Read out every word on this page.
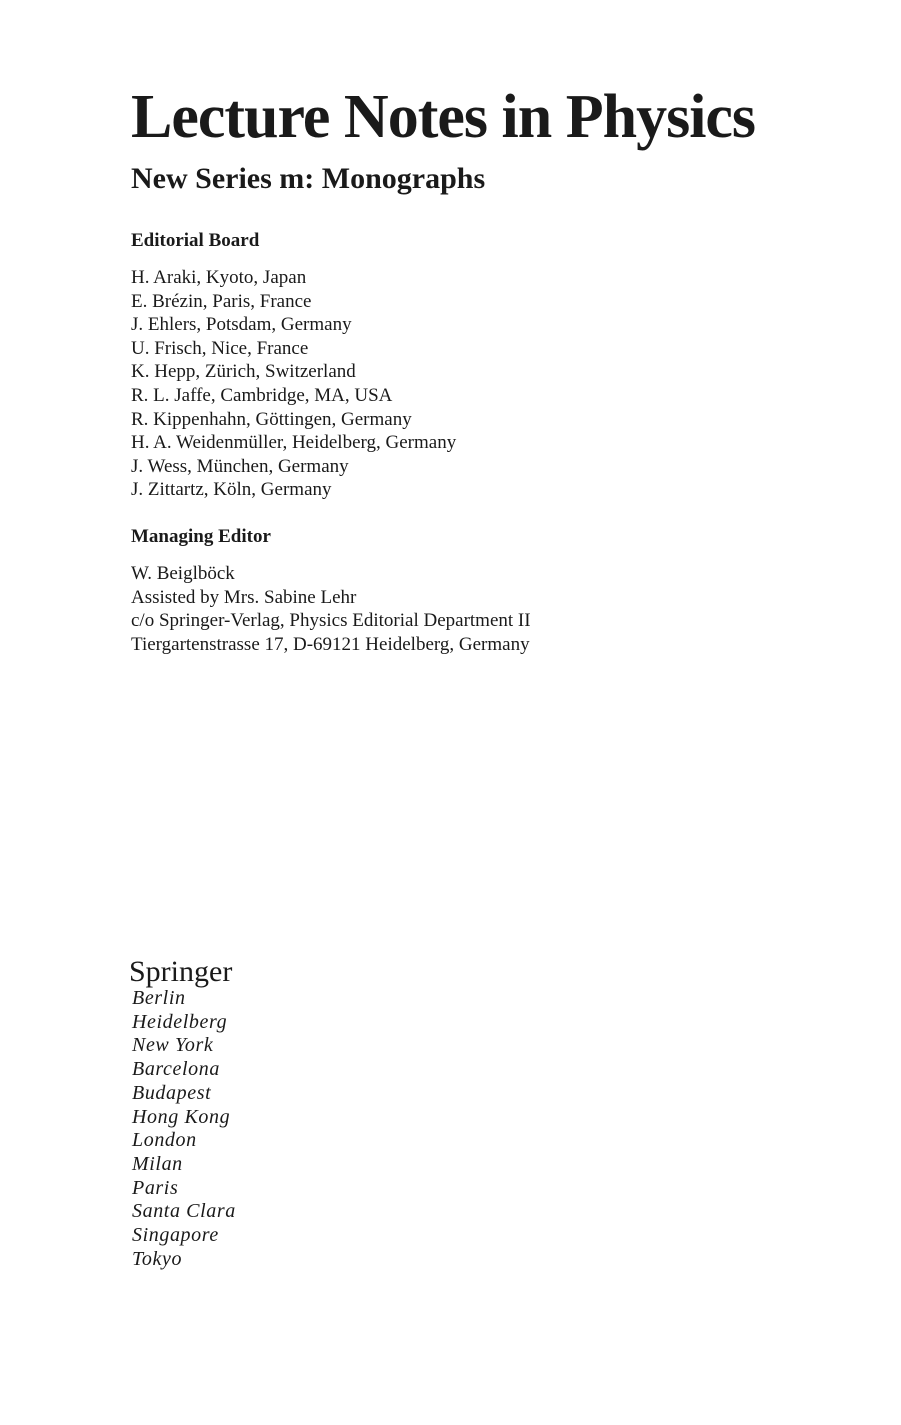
Lecture Notes in Physics
New Series m: Monographs
Editorial Board
H. Araki, Kyoto, Japan
E. Brézin, Paris, France
J. Ehlers, Potsdam, Germany
U. Frisch, Nice, France
K. Hepp, Zürich, Switzerland
R. L. Jaffe, Cambridge, MA, USA
R. Kippenhahn, Göttingen, Germany
H. A. Weidenmüller, Heidelberg, Germany
J. Wess, München, Germany
J. Zittartz, Köln, Germany
Managing Editor
W. Beiglböck
Assisted by Mrs. Sabine Lehr
c/o Springer-Verlag, Physics Editorial Department II
Tiergartenstrasse 17, D-69121 Heidelberg, Germany
Springer
Berlin
Heidelberg
New York
Barcelona
Budapest
Hong Kong
London
Milan
Paris
Santa Clara
Singapore
Tokyo
